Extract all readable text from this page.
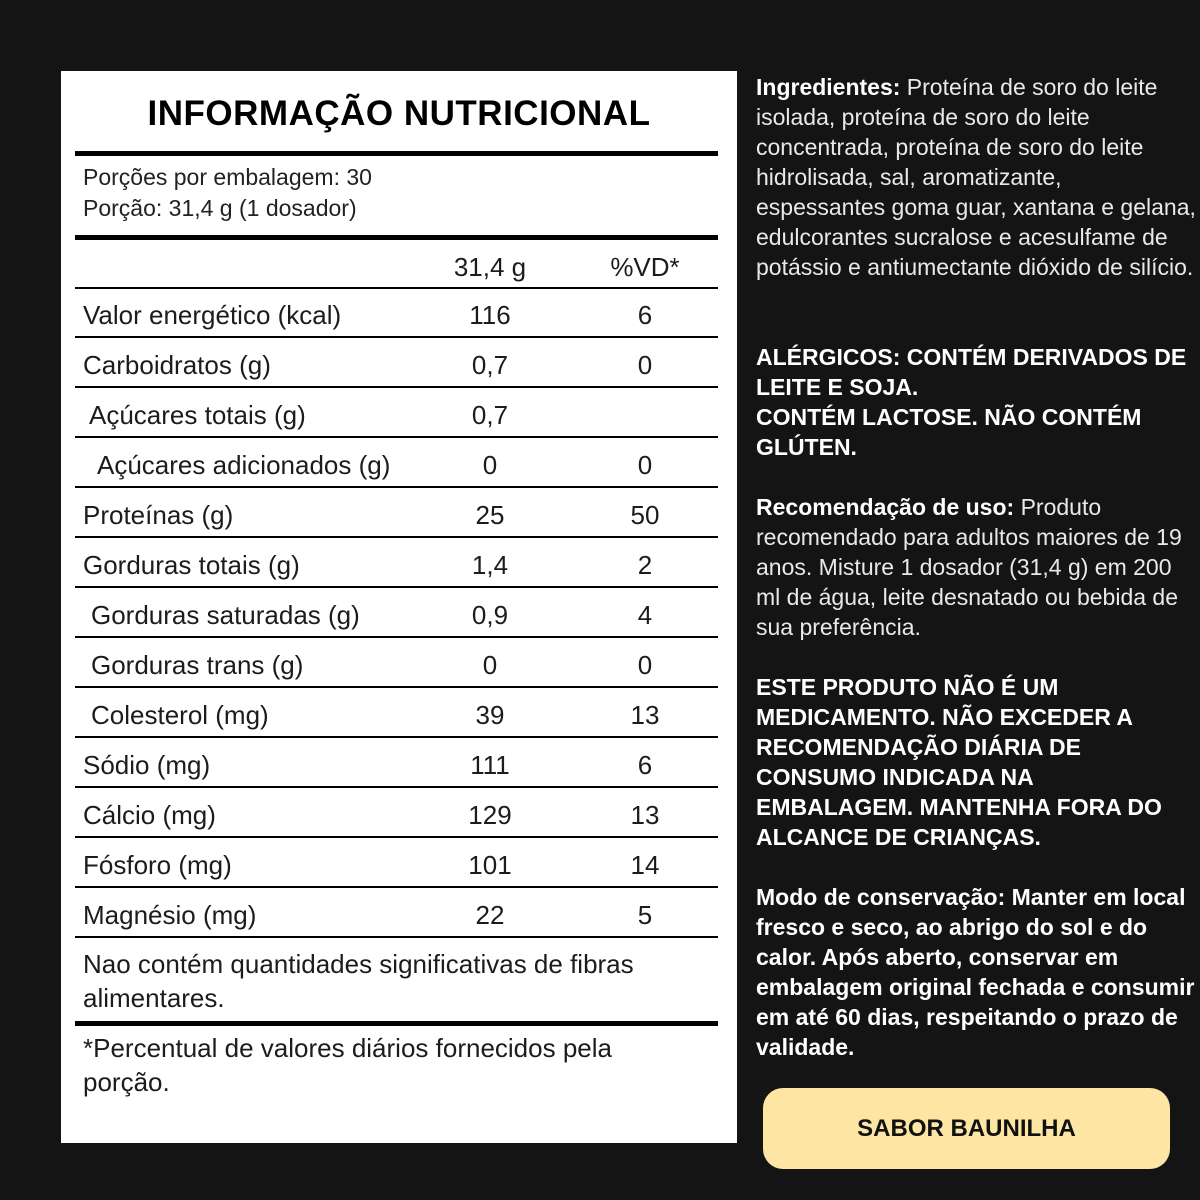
INFORMAÇÃO NUTRICIONAL
Porções por embalagem: 30
Porção: 31,4 g (1 dosador)
31,4 g	%VD*
Valor energético (kcal)	116	6
Carboidratos (g)	0,7	0
Açúcares totais (g)	0,7
Açúcares adicionados (g)	0	0
Proteínas (g)	25	50
Gorduras totais (g)	1,4	2
Gorduras saturadas (g)	0,9	4
Gorduras trans (g)	0	0
Colesterol (mg)	39	13
Sódio (mg)	111	6
Cálcio (mg)	129	13
Fósforo (mg)	101	14
Magnésio (mg)	22	5
Nao contém quantidades significativas de fibras alimentares.
*Percentual de valores diários fornecidos pela porção.
Ingredientes: Proteína de soro do leite isolada, proteína de soro do leite concentrada, proteína de soro do leite hidrolisada, sal, aromatizante, espessantes goma guar, xantana e gelana, edulcorantes sucralose e acesulfame de potássio e antiumectante dióxido de silício.
ALÉRGICOS: CONTÉM DERIVADOS DE LEITE E SOJA.
CONTÉM LACTOSE. NÃO CONTÉM GLÚTEN.
Recomendação de uso: Produto recomendado para adultos maiores de 19 anos. Misture 1 dosador (31,4 g) em 200 ml de água, leite desnatado ou bebida de sua preferência.
ESTE PRODUTO NÃO É UM MEDICAMENTO. NÃO EXCEDER A RECOMENDAÇÃO DIÁRIA DE CONSUMO INDICADA NA EMBALAGEM. MANTENHA FORA DO ALCANCE DE CRIANÇAS.
Modo de conservação: Manter em local fresco e seco, ao abrigo do sol e do calor. Após aberto, conservar em embalagem original fechada e consumir em até 60 dias, respeitando o prazo de validade.
SABOR BAUNILHA
